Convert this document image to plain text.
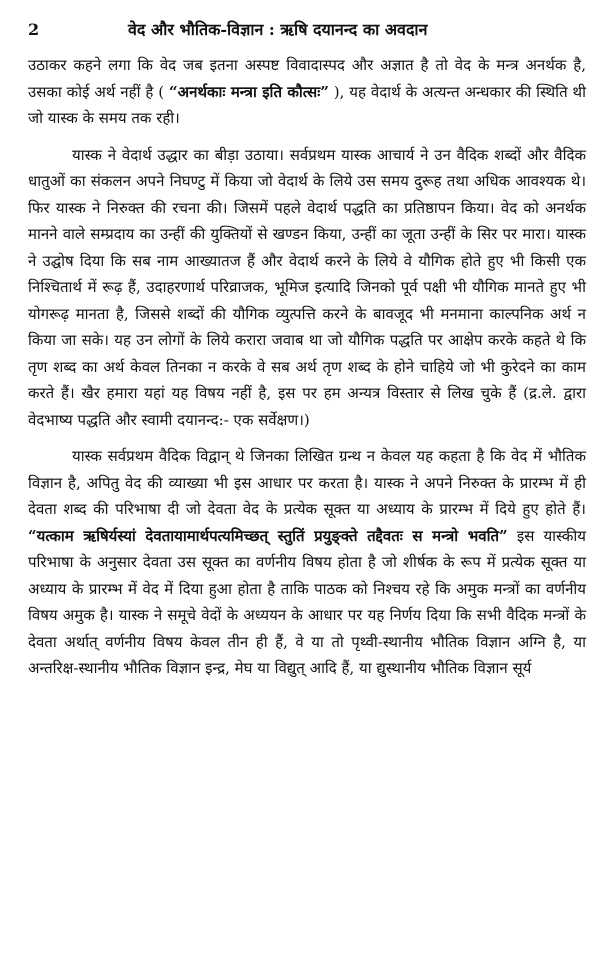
2	वेद और भौतिक-विज्ञान : ऋषि दयानन्द का अवदान

उठाकर कहने लगा कि वेद जब इतना अस्पष्ट विवादास्पद और अज्ञात है तो वेद के मन्त्र अनर्थक है, उसका कोई अर्थ नहीं है ( “अनर्थकाः मन्त्रा इति कौत्सः” ), यह वेदार्थ के अत्यन्त अन्धकार की स्थिति थी जो यास्क के समय तक रही।

यास्क ने वेदार्थ उद्धार का बीड़ा उठाया। सर्वप्रथम यास्क आचार्य ने उन वैदिक शब्दों और वैदिक धातुओं का संकलन अपने निघण्टु में किया जो वेदार्थ के लिये उस समय दुरूह तथा अधिक आवश्यक थे। फिर यास्क ने निरुक्त की रचना की। जिसमें पहले वेदार्थ पद्धति का प्रतिष्ठापन किया। वेद को अनर्थक मानने वाले सम्प्रदाय का उन्हीं की युक्तियों से खण्डन किया, उन्हीं का जूता उन्हीं के सिर पर मारा। यास्क ने उद्घोष दिया कि सब नाम आख्यातज हैं और वेदार्थ करने के लिये वे यौगिक होते हुए भी किसी एक निश्चितार्थ में रूढ़ हैं, उदाहरणार्थ परिव्राजक, भूमिज इत्यादि जिनको पूर्व पक्षी भी यौगिक मानते हुए भी योगरूढ़ मानता है, जिससे शब्दों की यौगिक व्युत्पत्ति करने के बावजूद भी मनमाना काल्पनिक अर्थ न किया जा सके। यह उन लोगों के लिये करारा जवाब था जो यौगिक पद्धति पर आक्षेप करके कहते थे कि तृण शब्द का अर्थ केवल तिनका न करके वे सब अर्थ तृण शब्द के होने चाहिये जो भी कुरेदने का काम करते हैं। खैर हमारा यहां यह विषय नहीं है, इस पर हम अन्यत्र विस्तार से लिख चुके हैं (द्र.ले. द्वारा वेदभाष्य पद्धति और स्वामी दयानन्द:- एक सर्वेक्षण।)

यास्क सर्वप्रथम वैदिक विद्वान् थे जिनका लिखित ग्रन्थ न केवल यह कहता है कि वेद में भौतिक विज्ञान है, अपितु वेद की व्याख्या भी इस आधार पर करता है। यास्क ने अपने निरुक्त के प्रारम्भ में ही देवता शब्द की परिभाषा दी जो देवता वेद के प्रत्येक सूक्त या अध्याय के प्रारम्भ में दिये हुए होते हैं। “यत्काम ऋषिर्यस्यां देवतायामार्थपत्यमिच्छत् स्तुतिं प्रयुङ्क्ते तद्दैवतः स मन्त्रो भवति” इस यास्कीय परिभाषा के अनुसार देवता उस सूक्त का वर्णनीय विषय होता है जो शीर्षक के रूप में प्रत्येक सूक्त या अध्याय के प्रारम्भ में वेद में दिया हुआ होता है ताकि पाठक को निश्चय रहे कि अमुक मन्त्रों का वर्णनीय विषय अमुक है। यास्क ने समूचे वेदों के अध्ययन के आधार पर यह निर्णय दिया कि सभी वैदिक मन्त्रों के देवता अर्थात् वर्णनीय विषय केवल तीन ही हैं, वे या तो पृथ्वी-स्थानीय भौतिक विज्ञान अग्नि है, या अन्तरिक्ष-स्थानीय भौतिक विज्ञान इन्द्र, मेघ या विद्युत् आदि हैं, या द्युस्थानीय भौतिक विज्ञान सूर्य
